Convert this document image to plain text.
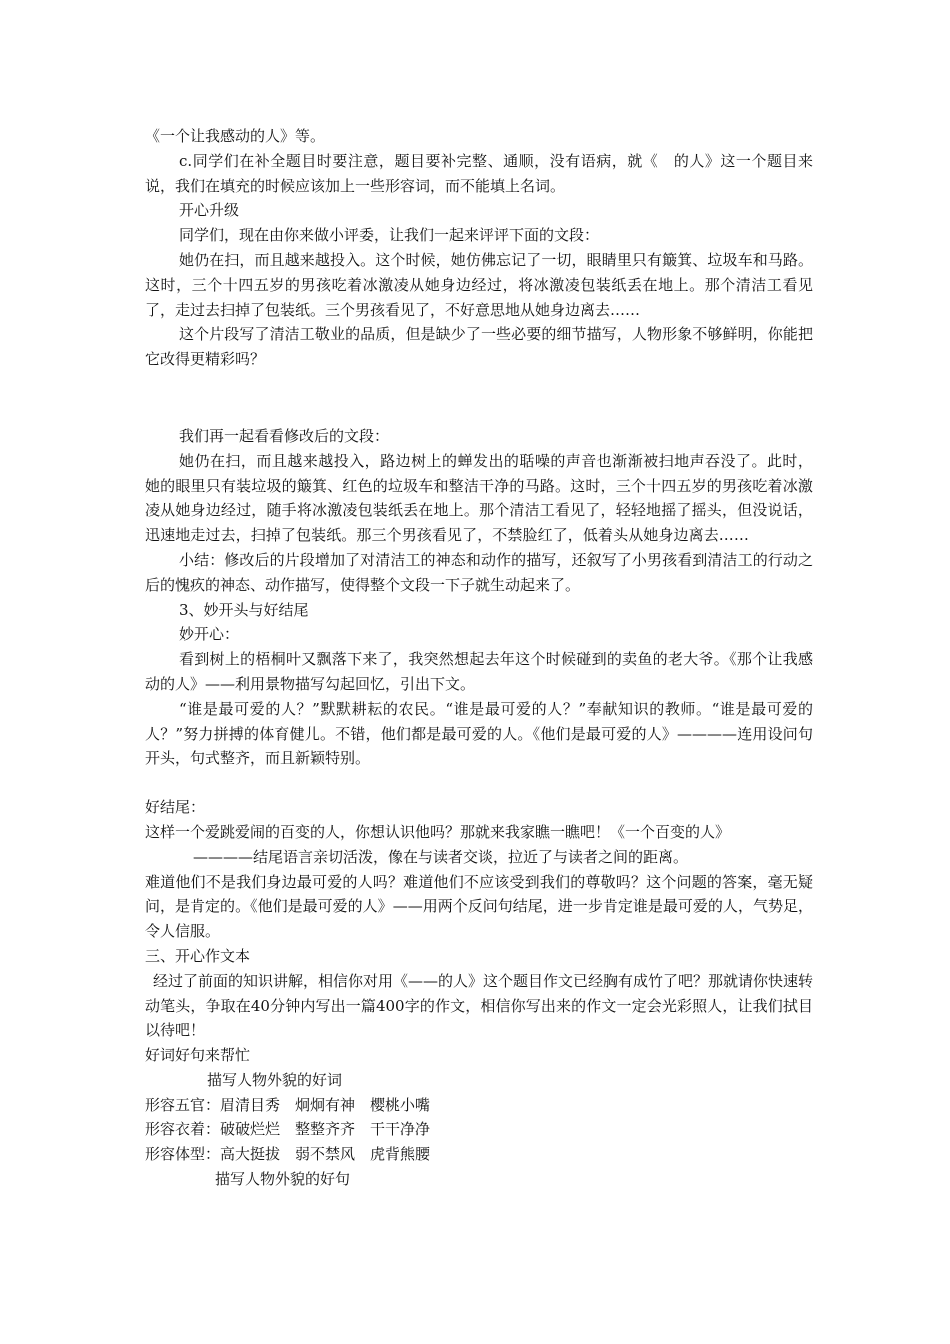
《一个让我感动的人》等。

c.同学们在补全题目时要注意，题目要补完整、通顺，没有语病，就《　的人》这一个题目来说，我们在填充的时候应该加上一些形容词，而不能填上名词。

开心升级

同学们，现在由你来做小评委，让我们一起来评评下面的文段：

她仍在扫，而且越来越投入。这个时候，她仿佛忘记了一切，眼睛里只有簸箕、垃圾车和马路。这时，三个十四五岁的男孩吃着冰激凌从她身边经过，将冰激凌包装纸丢在地上。那个清洁工看见了，走过去扫掉了包装纸。三个男孩看见了，不好意思地从她身边离去……

这个片段写了清洁工敬业的品质，但是缺少了一些必要的细节描写，人物形象不够鲜明，你能把它改得更精彩吗？

我们再一起看看修改后的文段：

她仍在扫，而且越来越投入，路边树上的蝉发出的聒噪的声音也渐渐被扫地声吞没了。此时，她的眼里只有装垃圾的簸箕、红色的垃圾车和整洁干净的马路。这时，三个十四五岁的男孩吃着冰激凌从她身边经过，随手将冰激凌包装纸丢在地上。那个清洁工看见了，轻轻地摇了摇头，但没说话，迅速地走过去，扫掉了包装纸。那三个男孩看见了，不禁脸红了，低着头从她身边离去……

小结：修改后的片段增加了对清洁工的神态和动作的描写，还叙写了小男孩看到清洁工的行动之后的愧疚的神态、动作描写，使得整个文段一下子就生动起来了。

3、妙开头与好结尾

妙开心：

看到树上的梧桐叶又飘落下来了，我突然想起去年这个时候碰到的卖鱼的老大爷。《那个让我感动的人》——利用景物描写勾起回忆，引出下文。

“谁是最可爱的人？”默默耕耘的农民。“谁是最可爱的人？”奉献知识的教师。“谁是最可爱的人？”努力拼搏的体育健儿。不错，他们都是最可爱的人。《他们是最可爱的人》————连用设问句开头，句式整齐，而且新颖特别。

好结尾：

这样一个爱跳爱闹的百变的人，你想认识他吗？那就来我家瞧一瞧吧！《一个百变的人》

————结尾语言亲切活泼，像在与读者交谈，拉近了与读者之间的距离。

难道他们不是我们身边最可爱的人吗？难道他们不应该受到我们的尊敬吗？这个问题的答案，毫无疑问，是肯定的。《他们是最可爱的人》——用两个反问句结尾，进一步肯定谁是最可爱的人，气势足，令人信服。

三、开心作文本

经过了前面的知识讲解，相信你对用《——的人》这个题目作文已经胸有成竹了吧？那就请你快速转动笔头，争取在40分钟内写出一篇400字的作文，相信你写出来的作文一定会光彩照人，让我们拭目以待吧！

好词好句来帮忙

描写人物外貌的好词

形容五官：眉清目秀　炯炯有神　樱桃小嘴

形容衣着：破破烂烂　整整齐齐　干干净净

形容体型：高大挺拔　弱不禁风　虎背熊腰

描写人物外貌的好句
